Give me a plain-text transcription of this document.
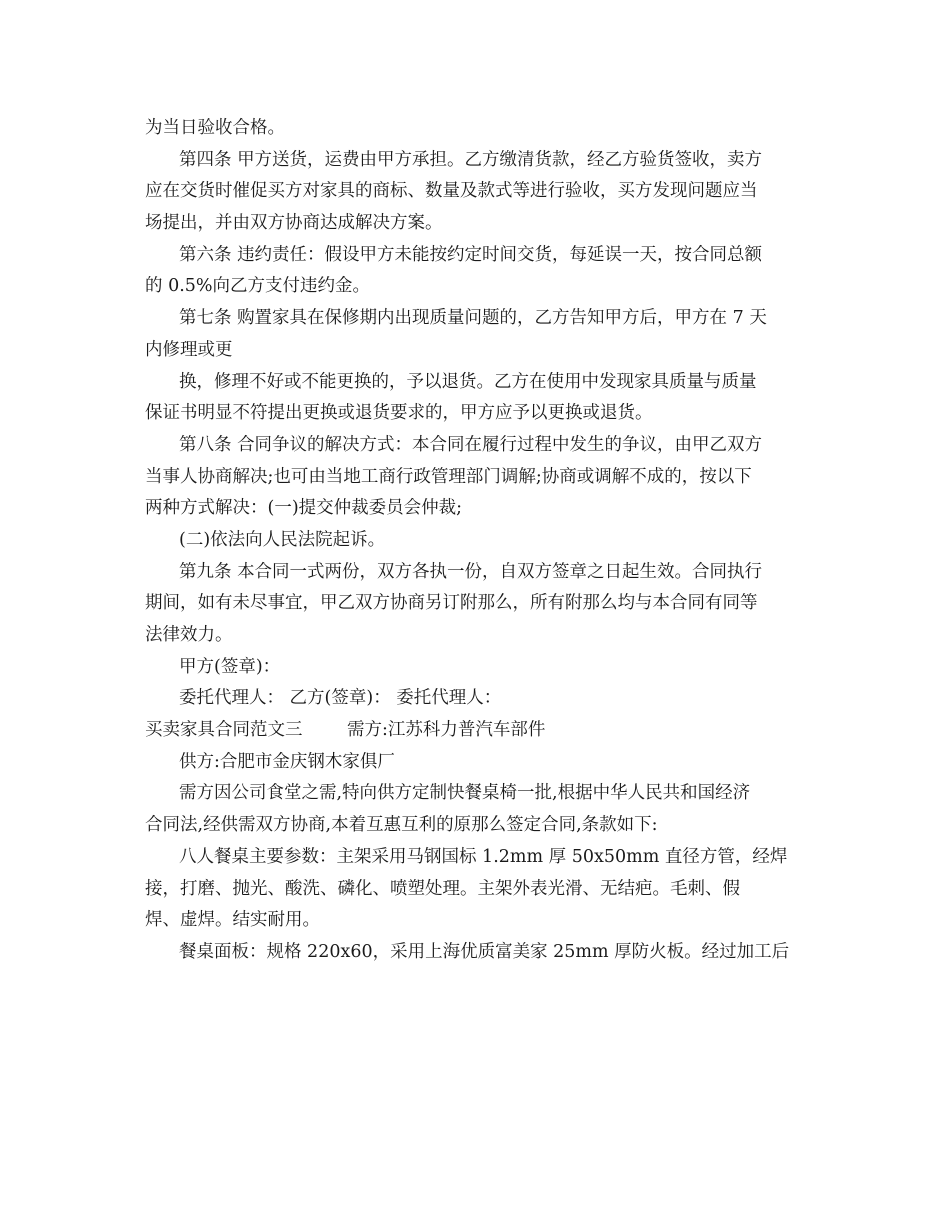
为当日验收合格。
第四条 甲方送货，运费由甲方承担。乙方缴清货款，经乙方验货签收，卖方
应在交货时催促买方对家具的商标、数量及款式等进行验收，买方发现问题应当
场提出，并由双方协商达成解决方案。
第六条 违约责任：假设甲方未能按约定时间交货，每延误一天，按合同总额
的 0.5%向乙方支付违约金。
第七条 购置家具在保修期内出现质量问题的，乙方告知甲方后，甲方在 7 天
内修理或更
换，修理不好或不能更换的，予以退货。乙方在使用中发现家具质量与质量
保证书明显不符提出更换或退货要求的，甲方应予以更换或退货。
第八条 合同争议的解决方式：本合同在履行过程中发生的争议，由甲乙双方
当事人协商解决;也可由当地工商行政管理部门调解;协商或调解不成的，按以下
两种方式解决：(一)提交仲裁委员会仲裁;
(二)依法向人民法院起诉。
第九条 本合同一式两份，双方各执一份，自双方签章之日起生效。合同执行
期间，如有未尽事宜，甲乙双方协商另订附那么，所有附那么均与本合同有同等
法律效力。
甲方(签章)：
委托代理人： 乙方(签章)： 委托代理人：
买卖家具合同范文三        需方:江苏科力普汽车部件
供方:合肥市金庆钢木家俱厂
需方因公司食堂之需,特向供方定制快餐桌椅一批,根据中华人民共和国经济
合同法,经供需双方协商,本着互惠互利的原那么签定合同,条款如下:
八人餐桌主要参数：主架采用马钢国标 1.2mm 厚 50x50mm 直径方管，经焊
接，打磨、抛光、酸洗、磷化、喷塑处理。主架外表光滑、无结疤。毛刺、假
焊、虚焊。结实耐用。
餐桌面板：规格 220x60，采用上海优质富美家 25mm 厚防火板。经过加工后
